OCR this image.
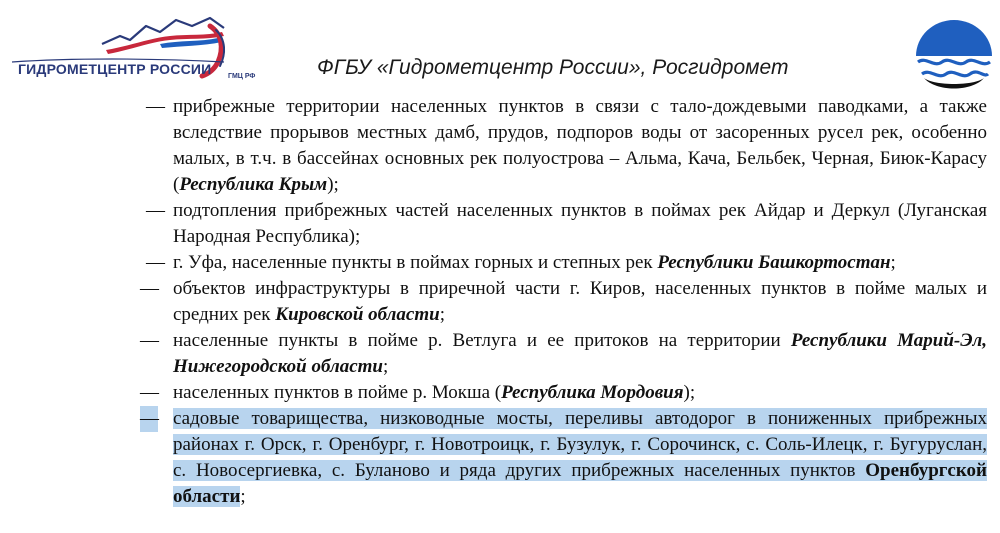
ГИДРОМЕТЦЕНТР РОССИИ ГМЦ РФ	ФГБУ «Гидрометцентр России», Росгидромет
— прибрежные территории населенных пунктов в связи с тало-дождевыми паводками, а также вследствие прорывов местных дамб, прудов, подпоров воды от засоренных русел рек, особенно малых, в т.ч. в бассейнах основных рек полуострова – Альма, Кача, Бельбек, Черная, Биюк-Карасу (Республика Крым);
— подтопления прибрежных частей населенных пунктов в поймах рек Айдар и Деркул (Луганская Народная Республика);
— г. Уфа, населенные пункты в поймах горных и степных рек Республики Башкортостан;
— объектов инфраструктуры в приречной части г. Киров, населенных пунктов в пойме малых и средних рек Кировской области;
— населенные пункты в пойме р. Ветлуга и ее притоков на территории Республики Марий-Эл, Нижегородской области;
— населенных пунктов в пойме р. Мокша (Республика Мордовия);
— садовые товарищества, низководные мосты, переливы автодорог в пониженных прибрежных районах г. Орск, г. Оренбург, г. Новотроицк, г. Бузулук, г. Сорочинск, с. Соль-Илецк, г. Бугуруслан, с. Новосергиевка, с. Буланово и ряда других прибрежных населенных пунктов Оренбургской области;
